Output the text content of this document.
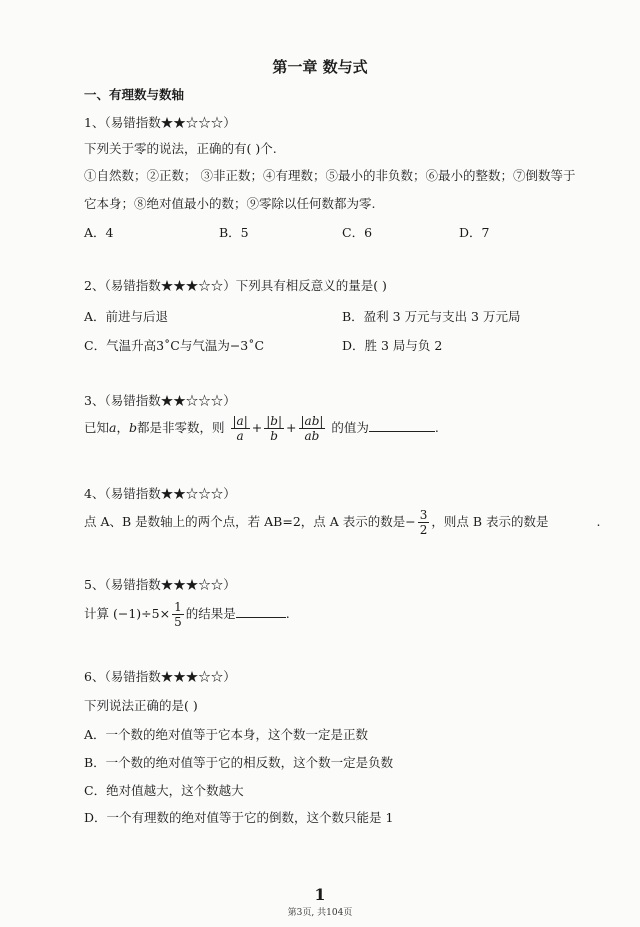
第一章 数与式
一、有理数与数轴
1、（易错指数★★☆☆☆）
下列关于零的说法，正确的有( )个.
①自然数；②正数； ③非正数；④有理数；⑤最小的非负数；⑥最小的整数；⑦倒数等于
它本身；⑧绝对值最小的数；⑨零除以任何数都为零.
A．4	B．5	C．6	D．7
2、（易错指数★★★☆☆）下列具有相反意义的量是( )
A．前进与后退	B．盈利 3 万元与支出 3 万元局
C．气温升高3˚C与气温为−3˚C	D．胜 3 局与负 2
3、（易错指数★★☆☆☆）
已知a，b都是非零数，则 $\frac{|a|}{a} + \frac{|b|}{b} + \frac{|ab|}{ab}$ 的值为	.
4、（易错指数★★☆☆☆）
点 A、B 是数轴上的两个点，若 AB=2，点 A 表示的数是− $\frac{3}{2}$ ，则点 B 表示的数是	.
5、（易错指数★★★☆☆）
计算 $(-1)\div 5\times \frac{1}{5}$ 的结果是	.
6、（易错指数★★★☆☆）
下列说法正确的是( )
A．一个数的绝对值等于它本身，这个数一定是正数
B．一个数的绝对值等于它的相反数，这个数一定是负数
C．绝对值越大，这个数越大
D．一个有理数的绝对值等于它的倒数，这个数只能是 1
1
第3页, 共104页
